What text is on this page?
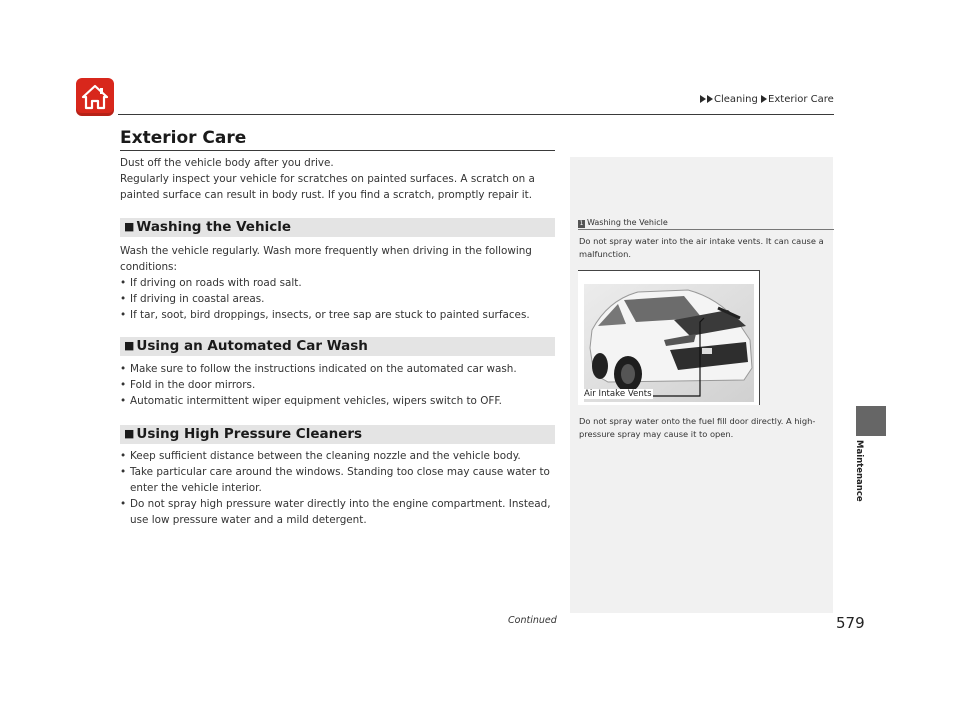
Cleaning Exterior Care
Exterior Care
Dust off the vehicle body after you drive.
Regularly inspect your vehicle for scratches on painted surfaces. A scratch on a painted surface can result in body rust. If you find a scratch, promptly repair it.
■ Washing the Vehicle
Wash the vehicle regularly. Wash more frequently when driving in the following conditions:
• If driving on roads with road salt.
• If driving in coastal areas.
• If tar, soot, bird droppings, insects, or tree sap are stuck to painted surfaces.
■ Using an Automated Car Wash
• Make sure to follow the instructions indicated on the automated car wash.
• Fold in the door mirrors.
• Automatic intermittent wiper equipment vehicles, wipers switch to OFF.
■ Using High Pressure Cleaners
• Keep sufficient distance between the cleaning nozzle and the vehicle body.
• Take particular care around the windows. Standing too close may cause water to enter the vehicle interior.
• Do not spray high pressure water directly into the engine compartment. Instead, use low pressure water and a mild detergent.
1 Washing the Vehicle
Do not spray water into the air intake vents. It can cause a malfunction.
Air Intake Vents
Do not spray water onto the fuel fill door directly. A high-pressure spray may cause it to open.
Continued	579
Maintenance
